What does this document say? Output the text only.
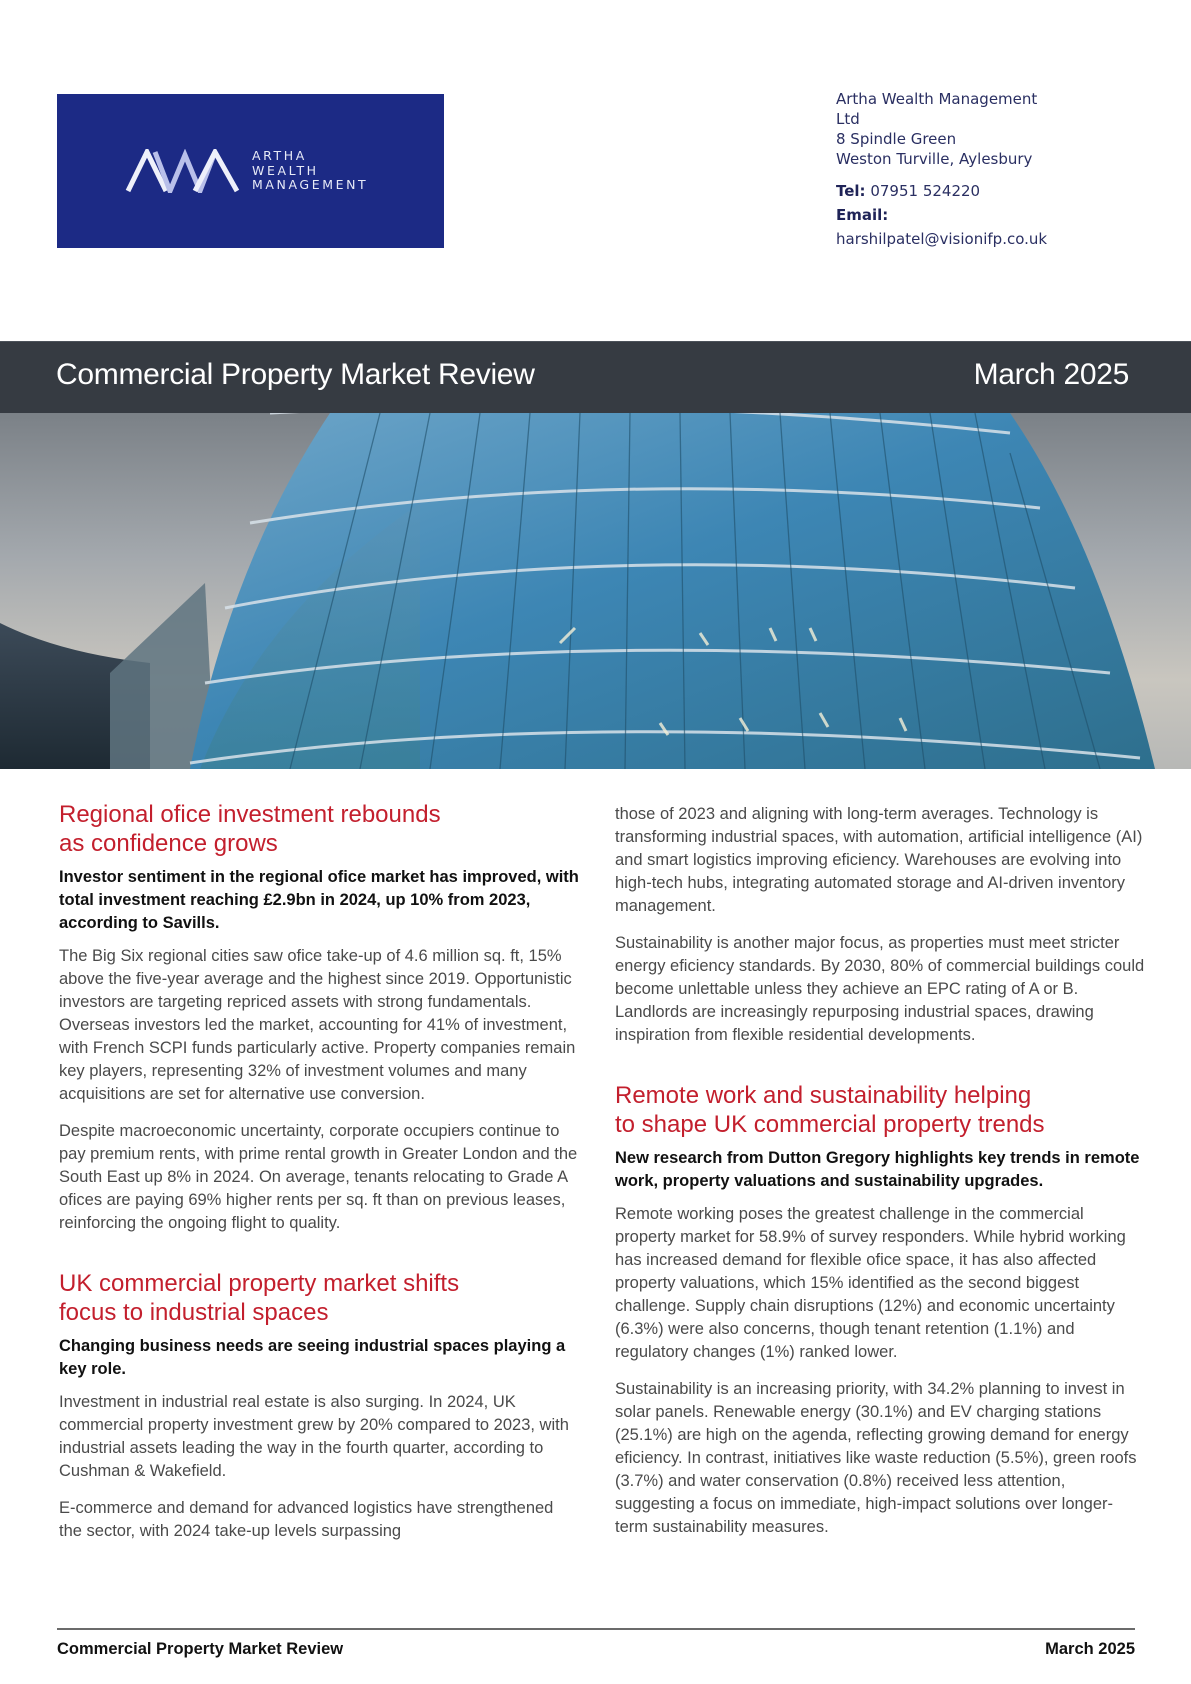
ARTHA
WEALTH
MANAGEMENT
Artha Wealth Management
Ltd
8 Spindle Green
Weston Turville, Aylesbury
Tel: 07951 524220
Email:
harshilpatel@visionifp.co.uk
Commercial Property Market Review	March 2025
Regional ofice investment rebounds
as confidence grows

Investor sentiment in the regional ofice market has improved, with total investment reaching £2.9bn in 2024, up 10% from 2023, according to Savills.

The Big Six regional cities saw ofice take-up of 4.6 million sq. ft, 15% above the five-year average and the highest since 2019. Opportunistic investors are targeting repriced assets with strong fundamentals. Overseas investors led the market, accounting for 41% of investment, with French SCPI funds particularly active. Property companies remain key players, representing 32% of investment volumes and many acquisitions are set for alternative use conversion.

Despite macroeconomic uncertainty, corporate occupiers continue to pay premium rents, with prime rental growth in Greater London and the South East up 8% in 2024. On average, tenants relocating to Grade A ofices are paying 69% higher rents per sq. ft than on previous leases, reinforcing the ongoing flight to quality.

UK commercial property market shifts
focus to industrial spaces

Changing business needs are seeing industrial spaces playing a key role.

Investment in industrial real estate is also surging. In 2024, UK commercial property investment grew by 20% compared to 2023, with industrial assets leading the way in the fourth quarter, according to Cushman & Wakefield.

E-commerce and demand for advanced logistics have strengthened the sector, with 2024 take-up levels surpassing

those of 2023 and aligning with long-term averages. Technology is transforming industrial spaces, with automation, artificial intelligence (AI) and smart logistics improving eficiency. Warehouses are evolving into high-tech hubs, integrating automated storage and AI-driven inventory management.

Sustainability is another major focus, as properties must meet stricter energy eficiency standards. By 2030, 80% of commercial buildings could become unlettable unless they achieve an EPC rating of A or B. Landlords are increasingly repurposing industrial spaces, drawing inspiration from flexible residential developments.

Remote work and sustainability helping
to shape UK commercial property trends

New research from Dutton Gregory highlights key trends in remote work, property valuations and sustainability upgrades.

Remote working poses the greatest challenge in the commercial property market for 58.9% of survey responders. While hybrid working has increased demand for flexible ofice space, it has also affected property valuations, which 15% identified as the second biggest challenge. Supply chain disruptions (12%) and economic uncertainty (6.3%) were also concerns, though tenant retention (1.1%) and regulatory changes (1%) ranked lower.

Sustainability is an increasing priority, with 34.2% planning to invest in solar panels. Renewable energy (30.1%) and EV charging stations (25.1%) are high on the agenda, reflecting growing demand for energy eficiency. In contrast, initiatives like waste reduction (5.5%), green roofs (3.7%) and water conservation (0.8%) received less attention, suggesting a focus on immediate, high-impact solutions over longer-term sustainability measures.

Commercial Property Market Review	March 2025
